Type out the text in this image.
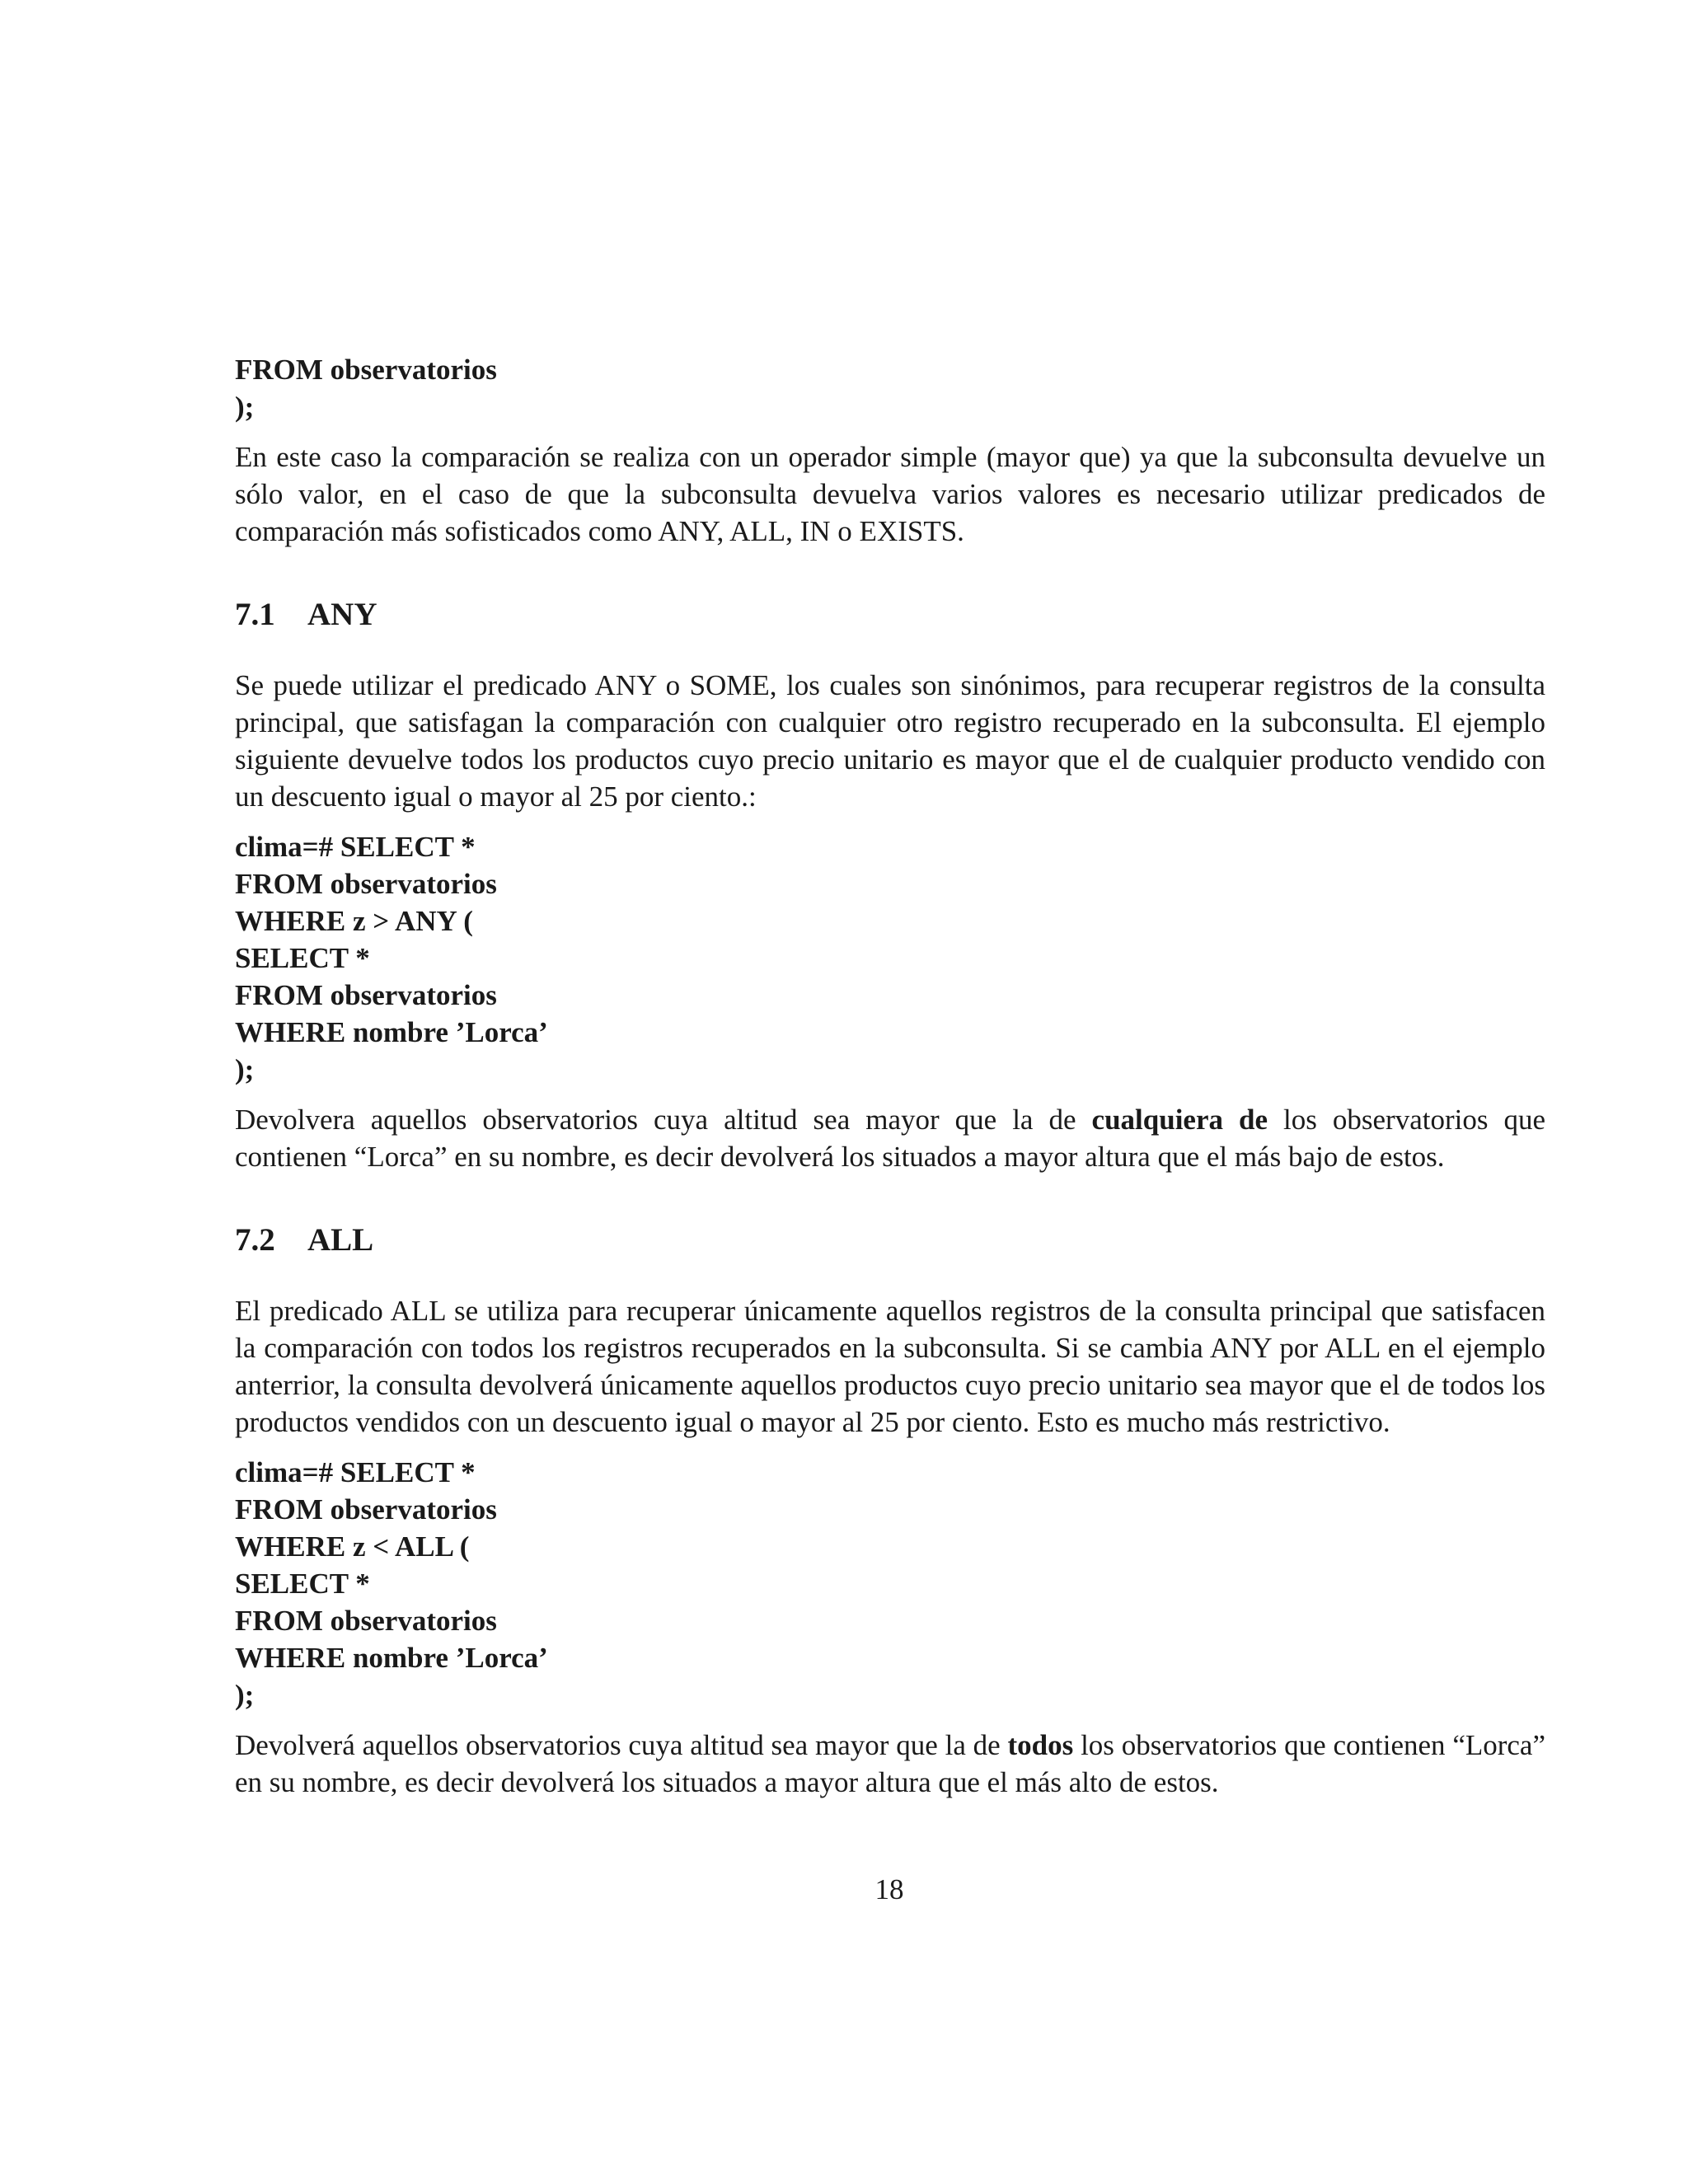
FROM observatorios

);

En este caso la comparación se realiza con un operador simple (mayor que) ya que la subconsulta devuelve un sólo valor, en el caso de que la subconsulta devuelva varios valores es necesario utilizar predicados de comparación más sofisticados como ANY, ALL, IN o EXISTS.

7.1 ANY

Se puede utilizar el predicado ANY o SOME, los cuales son sinónimos, para recuperar registros de la consulta principal, que satisfagan la comparación con cualquier otro registro recuperado en la subconsulta. El ejemplo siguiente devuelve todos los productos cuyo precio unitario es mayor que el de cualquier producto vendido con un descuento igual o mayor al 25 por ciento.:

clima=# SELECT *

FROM observatorios

WHERE z > ANY (

SELECT *

FROM observatorios

WHERE nombre ’Lorca’

);

Devolvera aquellos observatorios cuya altitud sea mayor que la de cualquiera de los observatorios que contienen “Lorca” en su nombre, es decir devolverá los situados a mayor altura que el más bajo de estos.

7.2 ALL

El predicado ALL se utiliza para recuperar únicamente aquellos registros de la consulta principal que satisfacen la comparación con todos los registros recuperados en la subconsulta. Si se cambia ANY por ALL en el ejemplo anterrior, la consulta devolverá únicamente aquellos productos cuyo precio unitario sea mayor que el de todos los productos vendidos con un descuento igual o mayor al 25 por ciento. Esto es mucho más restrictivo.

clima=# SELECT *

FROM observatorios

WHERE z < ALL (

SELECT *

FROM observatorios

WHERE nombre ’Lorca’

);

Devolverá aquellos observatorios cuya altitud sea mayor que la de todos los observatorios que contienen “Lorca” en su nombre, es decir devolverá los situados a mayor altura que el más alto de estos.

18
